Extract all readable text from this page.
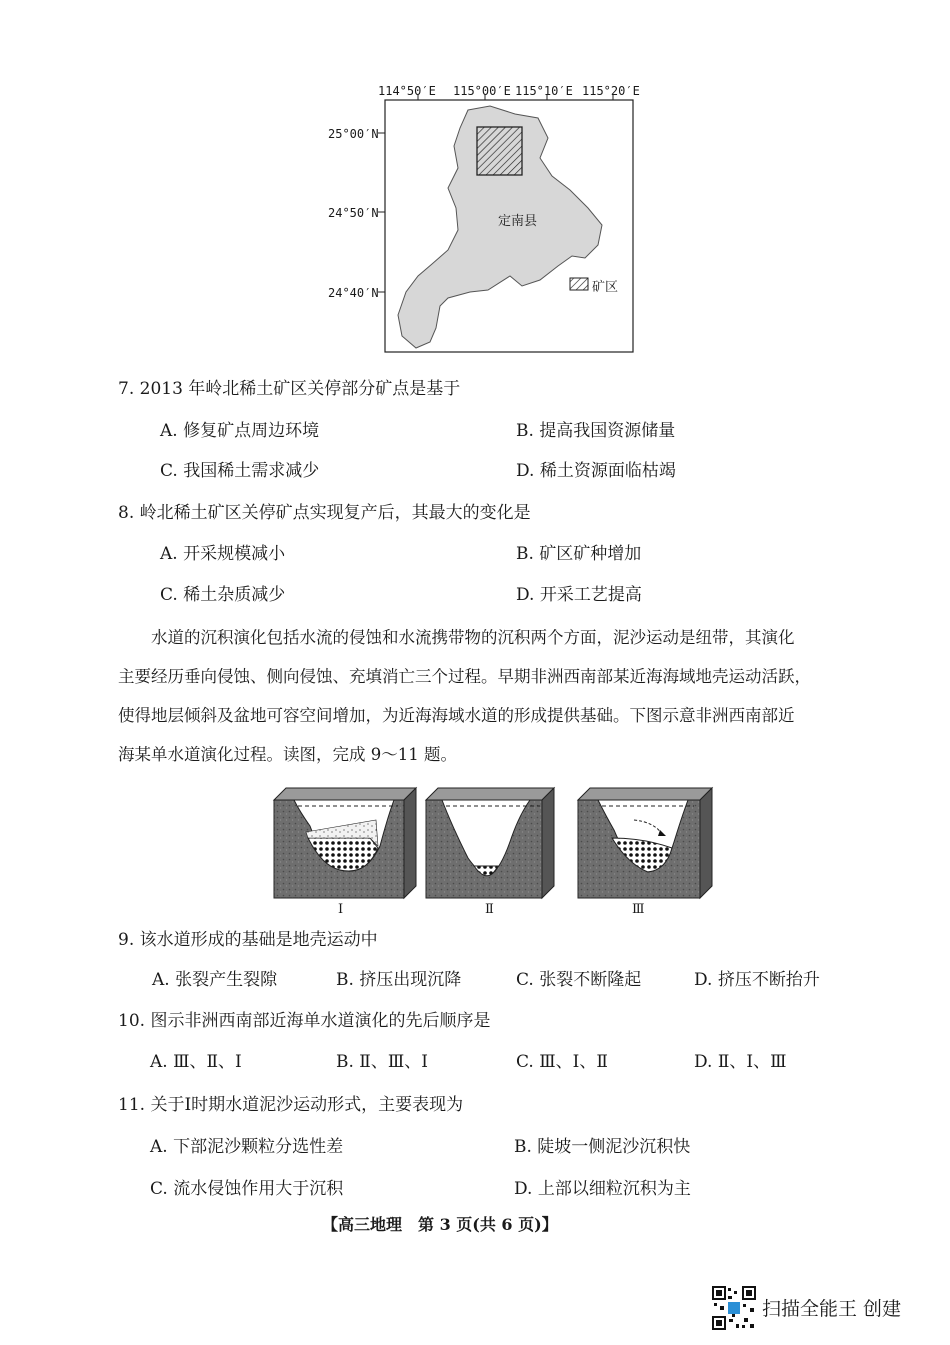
114°50′E 115°00′E 115°10′E 115°20′E
25°00′N
24°50′N
24°40′N
定南县
矿区
7. 2013 年岭北稀土矿区关停部分矿点是基于
A. 修复矿点周边环境	B. 提高我国资源储量
C. 我国稀土需求减少	D. 稀土资源面临枯竭
8. 岭北稀土矿区关停矿点实现复产后，其最大的变化是
A. 开采规模减小	B. 矿区矿种增加
C. 稀土杂质减少	D. 开采工艺提高
水道的沉积演化包括水流的侵蚀和水流携带物的沉积两个方面，泥沙运动是纽带，其演化
主要经历垂向侵蚀、侧向侵蚀、充填消亡三个过程。早期非洲西南部某近海海域地壳运动活跃，
使得地层倾斜及盆地可容空间增加，为近海海域水道的形成提供基础。下图示意非洲西南部近
海某单水道演化过程。读图，完成 9～11 题。
Ⅰ	Ⅱ	Ⅲ
9. 该水道形成的基础是地壳运动中
A. 张裂产生裂隙	B. 挤压出现沉降	C. 张裂不断隆起	D. 挤压不断抬升
10. 图示非洲西南部近海单水道演化的先后顺序是
A. Ⅲ、Ⅱ、Ⅰ	B. Ⅱ、Ⅲ、Ⅰ	C. Ⅲ、Ⅰ、Ⅱ	D. Ⅱ、Ⅰ、Ⅲ
11. 关于Ⅰ时期水道泥沙运动形式，主要表现为
A. 下部泥沙颗粒分选性差	B. 陡坡一侧泥沙沉积快
C. 流水侵蚀作用大于沉积	D. 上部以细粒沉积为主
【高三地理　第 3 页(共 6 页)】
扫描全能王 创建
